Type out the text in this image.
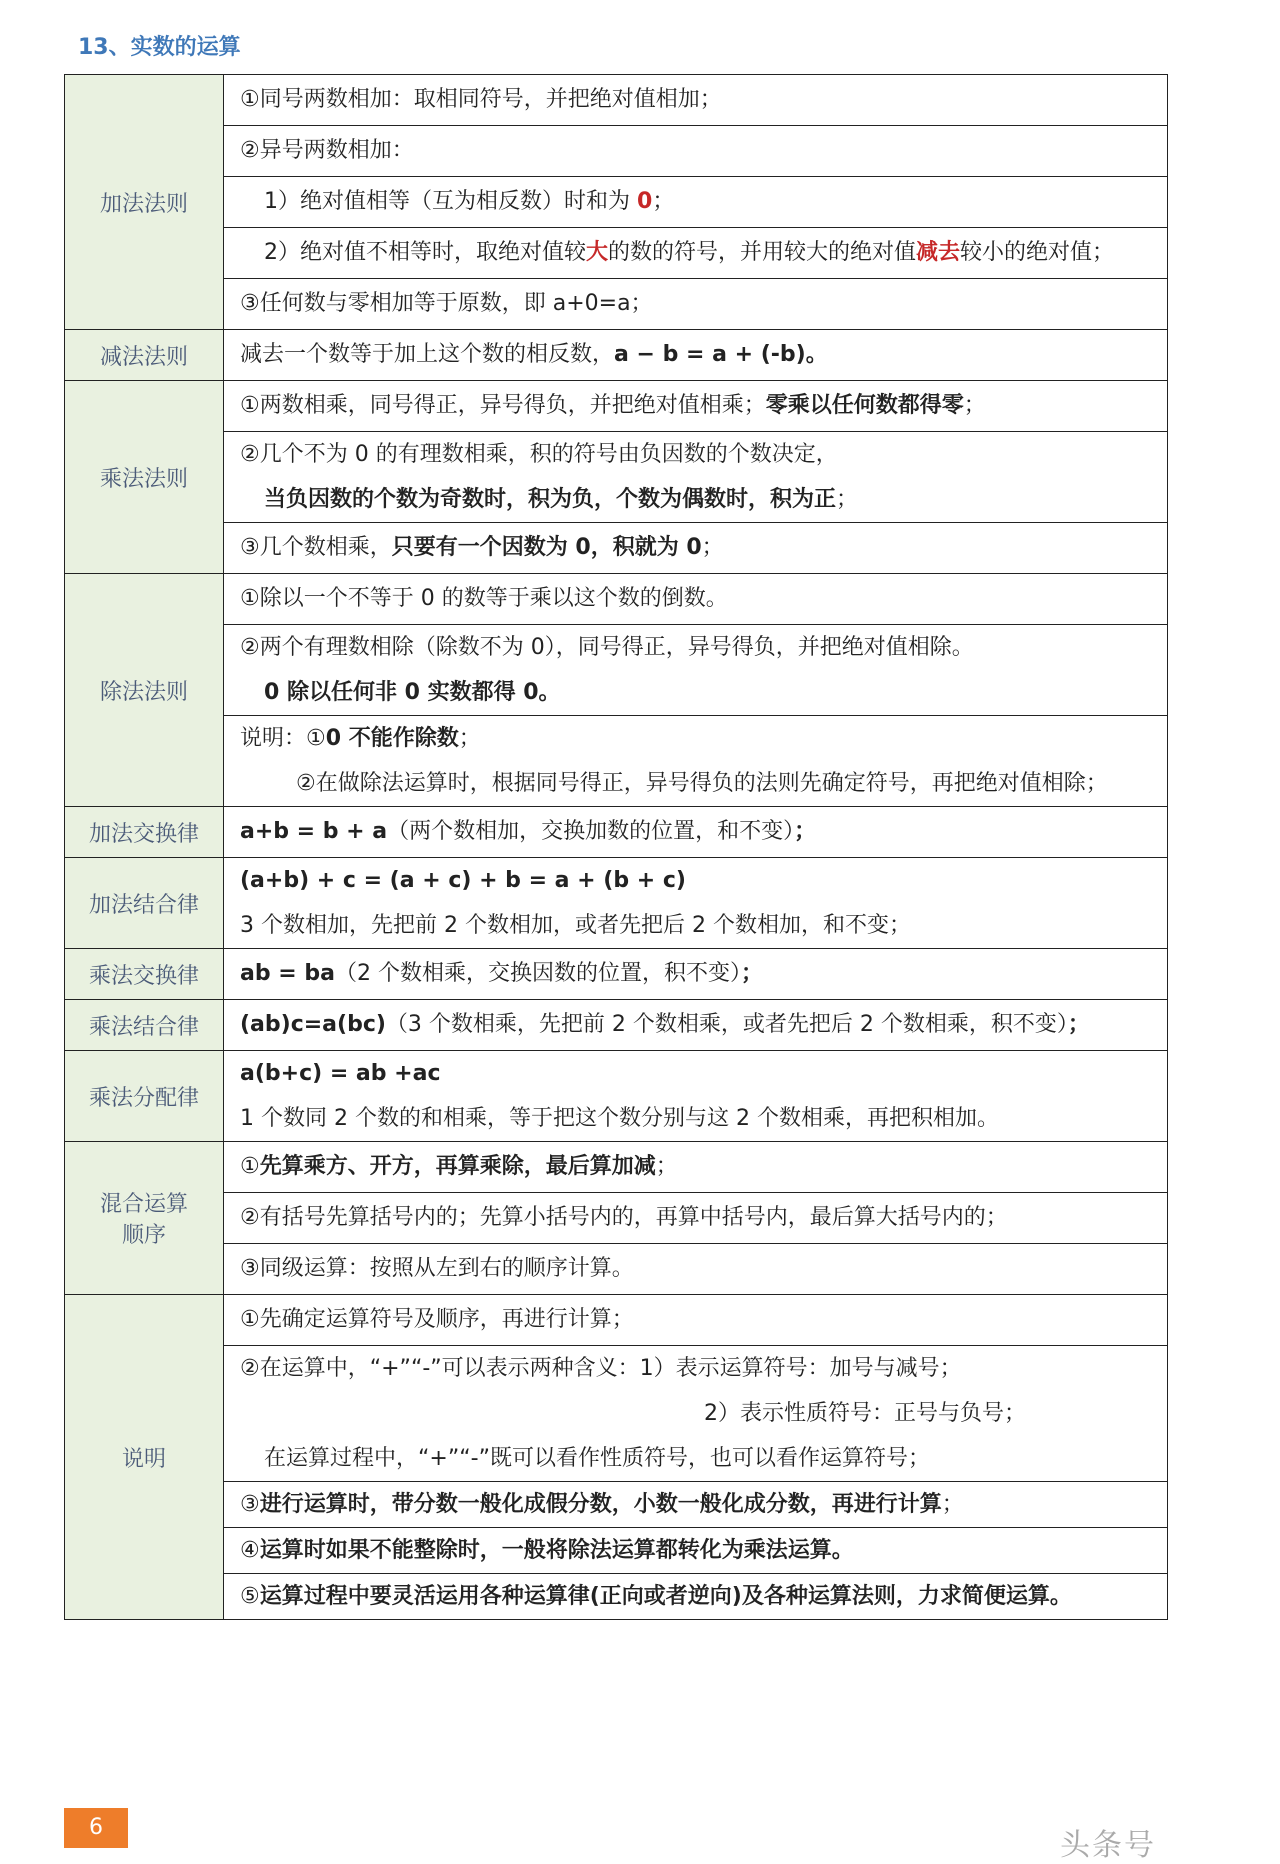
13、实数的运算
加法法则	①同号两数相加：取相同符号，并把绝对值相加；

	②异号两数相加：

	1）绝对值相等（互为相反数）时和为 0；

	2）绝对值不相等时，取绝对值较大的数的符号，并用较大的绝对值减去较小的绝对值；

	③任何数与零相加等于原数，即 a+0=a；

减法法则	减去一个数等于加上这个数的相反数，a − b = a + (-b)。

乘法法则	①两数相乘，同号得正，异号得负，并把绝对值相乘；零乘以任何数都得零；

	②几个不为 0 的有理数相乘，积的符号由负因数的个数决定，
当负因数的个数为奇数时，积为负，个数为偶数时，积为正；

	③几个数相乘，只要有一个因数为 0，积就为 0；

除法法则	①除以一个不等于 0 的数等于乘以这个数的倒数。

	②两个有理数相除（除数不为 0），同号得正，异号得负，并把绝对值相除。
0 除以任何非 0 实数都得 0。

	说明：①0 不能作除数；
②在做除法运算时，根据同号得正，异号得负的法则先确定符号，再把绝对值相除；

加法交换律	a+b = b + a（两个数相加，交换加数的位置，和不变）；

加法结合律	(a+b) + c = (a + c) + b = a + (b + c)
3 个数相加，先把前 2 个数相加，或者先把后 2 个数相加，和不变；

乘法交换律	ab = ba（2 个数相乘，交换因数的位置，积不变）；

乘法结合律	(ab)c=a(bc)（3 个数相乘，先把前 2 个数相乘，或者先把后 2 个数相乘，积不变）；

乘法分配律	a(b+c) = ab +ac
1 个数同 2 个数的和相乘，等于把这个数分别与这 2 个数相乘，再把积相加。

混合运算
顺序	①先算乘方、开方，再算乘除，最后算加减；

	②有括号先算括号内的；先算小括号内的，再算中括号内，最后算大括号内的；

	③同级运算：按照从左到右的顺序计算。

说明	①先确定运算符号及顺序，再进行计算；

	②在运算中，“+”“-”可以表示两种含义：1）表示运算符号：加号与减号；
2）表示性质符号：正号与负号；
在运算过程中，“+”“-”既可以看作性质符号，也可以看作运算符号；

	③进行运算时，带分数一般化成假分数，小数一般化成分数，再进行计算；

	④运算时如果不能整除时，一般将除法运算都转化为乘法运算。

	⑤运算过程中要灵活运用各种运算律(正向或者逆向)及各种运算法则，力求简便运算。
6
头条号
